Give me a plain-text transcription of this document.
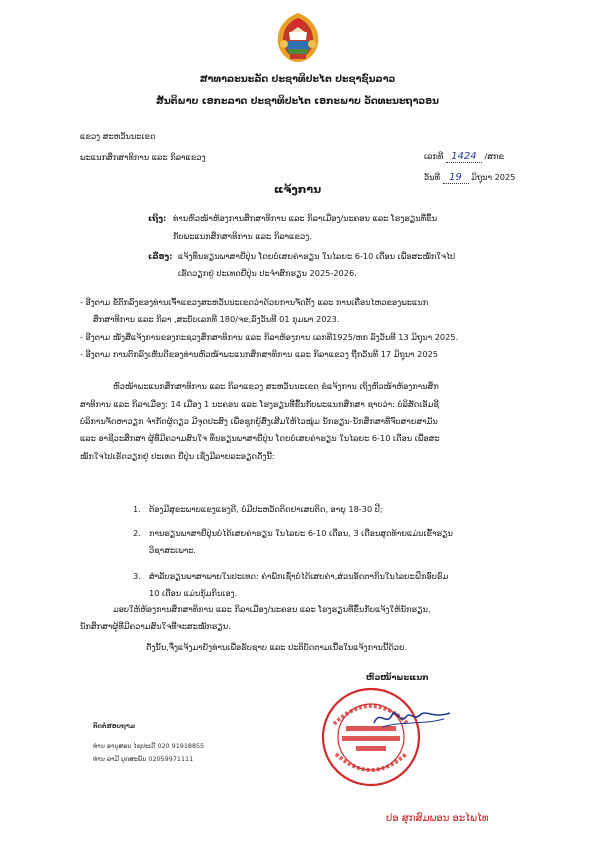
ສາທາລະນະລັດ ປະຊາທິປະໄຕ ປະຊາຊົນລາວ
ສັນຕິພາບ ເອກະລາດ ປະຊາທິປະໄຕ ເອກະພາບ ວັດທະນະຖາວອນ
ແຂວງ ສະຫວັນນະເຂດ
ພະແນກສຶກສາທິການ ແລະ ກິລາແຂວງ	ເລກທີ 1424 /ສກຂ
ວັນທີ 19 ມິຖຸນາ 2025
ແຈ້ງການ
ເຖິງ: ທ່ານຫົວໜ້າຫ້ອງການສຶກສາທິການ ແລະ ກິລາເມືອງ/ນະຄອນ ແລະ ໂຮງຮຽນທີ່ຂຶ້ນ
ກັບພະແນກສຶກສາທິການ ແລະ ກິລາແຂວງ.
ເລື່ອງ: ແຈ້ງທຶນຮຽນພາສາຍີ່ປຸ່ນ ໂດຍບໍ່ເສຍຄ່າຮຽນ ໃນໄລຍະ 6-10 ເດືອນ ເພື່ອສະໝັກໃຈໄປ
ເຮັດວຽກຢູ່ ປະເທດຍີ່ປຸ່ນ ປະຈຳສົກຮຽນ 2025-2026.
- ອີງຕາມ ຂໍ້ຕົກລົງຂອງທ່ານເຈົ້າແຂວງສະຫວັນນະເຂດວ່າດ້ວຍການຈັດຕັ້ງ ແລະ ການເຄື່ອນໄຫວຂອງພະແນກ
ສຶກສາທິການ ແລະ ກິລາ ,ສະບັບເລກທີ 180/ຈຂ,ລົງວັນທີ 01 ກຸມພາ 2023.
- ອີງຕາມ ໜັງສືແຈ້ງການຂອງກະຊວງສຶກສາທິການ ແລະ ກິລາຫ້ອງການ ເລກທີ1925/ຫກ ລົງວັນທີ 13 ມິຖຸນາ 2025.
- ອີງຕາມ ການຕົກລົງເຫັນດີຂອງທ່ານຫົວໜ້າພະແນກສຶກສາທິການ ແລະ ກິລາແຂວງ ຖືກວັນທີ 17 ມິຖຸນາ 2025
ຫົວໜ້າພະແນກສຶກສາທິການ ແລະ ກິລາແຂວງ ສະຫວັນນະເຂດ ຂໍແຈ້ງການ ເຖິງຫົວໜ້າຫ້ອງການສຶກ
ສາທິການ ແລະ ກິລາເມືອງ: 14 ເມືອງ 1 ນະຄອນ ແລະ ໂຮງຮຽນທີ່ຂຶ້ນກັບພະແນກສຶກສາ ຊາບວ່າ: ບໍລິສັດເອັມຊີ
ບໍລິການຈັດຫາວຽກ ຈຳກັດຜູ້ດຽວ ມີຈຸດປະສົງ ເພື່ອຊຸກຍູ້ສົ່ງເສີມໃຫ້ໄວໜຸ່ມ ນັກຮຽນ-ນັກສຶກສາທີ່ຈົບສາຍສາມັນ
ແລະ ອາຊີວະສຶກສາ ຜູ້ທີ່ມີຄວາມສົນໃຈ ທຶນຮຽນພາສາຍີ່ປຸ່ນ ໂດຍບໍ່ເສຍຄ່າຮຽນ ໃນໄລຍະ 6-10 ເດືອນ ເພື່ອສະ
ໝັກໃຈໄປເຮັດວຽກຢູ່ ປະເທດ ຍີ່ປຸ່ນ ເຊິ່ງມີລາຍລະອຽດດັ່ງນີ້:
1. ຕ້ອງມີສຸຂະພາບແຂງແຮງດີ, ບໍ່ມີປະຫວັດຕິດຢາເສບຕິດ, ອາຍຸ 18-30 ປີ;
2. ການຮຽນພາສາຍີ່ປຸ່ນບໍ່ໄດ້ເສຍຄ່າຮຽນ ໃນໄລຍະ 6-10 ເດືອນ, 3 ເດືອນສຸດທ້າຍແມ່ນເຂົ້າຮຽນ
ວິຊາສະເພາະ.
3. ສຳລັບຮຽນພາສາພາຍໃນປະເທດ: ຄ່າພັກເຊົ່າບໍ່ໄດ້ເສຍຄ່າ,ສ່ວນອັດຕາກິນໃນໄລຍະຝຶກອົບຮົມ
10 ເດືອນ ແມ່ນກຸ້ມກິນເອງ.
ມອບໃຫ້ຫ້ອງການສຶກສາທິການ ແລະ ກິລາເມືອງ/ນະຄອນ ແລະ ໂຮງຮຽນທີ່ຂຶ້ນກັບແຈ້ງໃຫ້ນັກຮຽນ,
ນັກສຶກສາຜູ້ທີ່ມີຄວາມສົນໃຈທີ່ຈະສະໝັກຮຽນ.
ດັ່ງນັ້ນ,ຈຶ່ງແຈ້ງມາຍັງທ່ານເພື່ອຮັບຊາບ ແລະ ປະຕິບັດຕາມເນື້ອໃນແຈ້ງການນີ້ດ້ວຍ.
ຫົວໜ້າພະແນກ
ປອ ສຸກສົມພອນ ອະໄພໄທ
ຕິດຕໍ່ສອບຖາມ
ທ່ານ ອານຸສອນ ໄຊປະເຕີ 020 91918855
ທ່ານ ລາມີ ບຸດສະພັນ 02059971111
